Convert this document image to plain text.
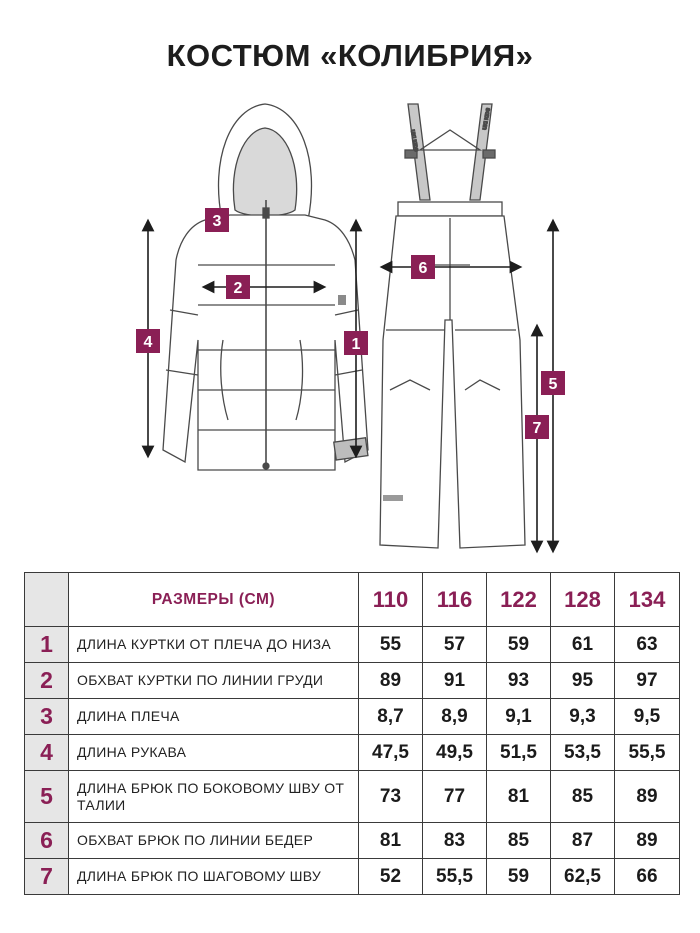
КОСТЮМ «КОЛИБРИЯ»
UKI KIDS
UKI KIDS
1
2
3
4
5
6
7
	РАЗМЕРЫ (СМ)	110	116	122	128	134
1	ДЛИНА КУРТКИ ОТ ПЛЕЧА ДО НИЗА	55	57	59	61	63
2	ОБХВАТ КУРТКИ ПО ЛИНИИ ГРУДИ	89	91	93	95	97
3	ДЛИНА ПЛЕЧА	8,7	8,9	9,1	9,3	9,5
4	ДЛИНА РУКАВА	47,5	49,5	51,5	53,5	55,5
5	ДЛИНА БРЮК ПО БОКОВОМУ ШВУ ОТ ТАЛИИ	73	77	81	85	89
6	ОБХВАТ БРЮК ПО ЛИНИИ БЕДЕР	81	83	85	87	89
7	ДЛИНА БРЮК ПО ШАГОВОМУ ШВУ	52	55,5	59	62,5	66
